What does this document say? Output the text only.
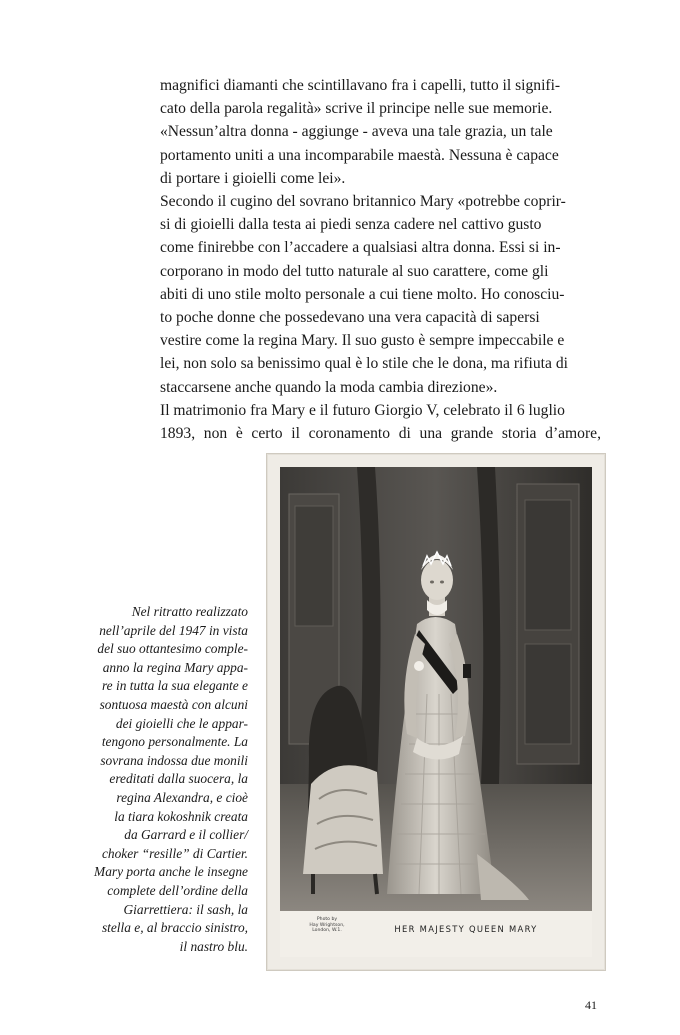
magnifici diamanti che scintillavano fra i capelli, tutto il signifi-

cato della parola regalità» scrive il principe nelle sue memorie.

«Nessun’altra donna - aggiunge - aveva una tale grazia, un tale

portamento uniti a una incomparabile maestà. Nessuna è capace

di portare i gioielli come lei».

Secondo il cugino del sovrano britannico Mary «potrebbe coprir-

si di gioielli dalla testa ai piedi senza cadere nel cattivo gusto

come finirebbe con l’accadere a qualsiasi altra donna. Essi si in-

corporano in modo del tutto naturale al suo carattere, come gli

abiti di uno stile molto personale a cui tiene molto. Ho conosciu-

to poche donne che possedevano una vera capacità di sapersi

vestire come la regina Mary. Il suo gusto è sempre impeccabile e

lei, non solo sa benissimo qual è lo stile che le dona, ma rifiuta di

staccarsene anche quando la moda cambia direzione».

Il matrimonio fra Mary e il futuro Giorgio V, celebrato il 6 luglio

1893, non è certo il coronamento di una grande storia d’amore,

Nel ritratto realizzato
nell’aprile del 1947 in vista
del suo ottantesimo comple-
anno la regina Mary appa-
re in tutta la sua elegante e
sontuosa maestà con alcuni
dei gioielli che le appar-
tengono personalmente. La
sovrana indossa due monili
ereditati dalla suocera, la
regina Alexandra, e cioè
la tiara kokoshnik creata
da Garrard e il collier/
choker “resille” di Cartier.
Mary porta anche le insegne
complete dell’ordine della
Giarrettiera: il sash, la
stella e, al braccio sinistro,
il nastro blu.
Photo by
Hay Wrightson,
London, W.1.	HER MAJESTY QUEEN MARY
41
